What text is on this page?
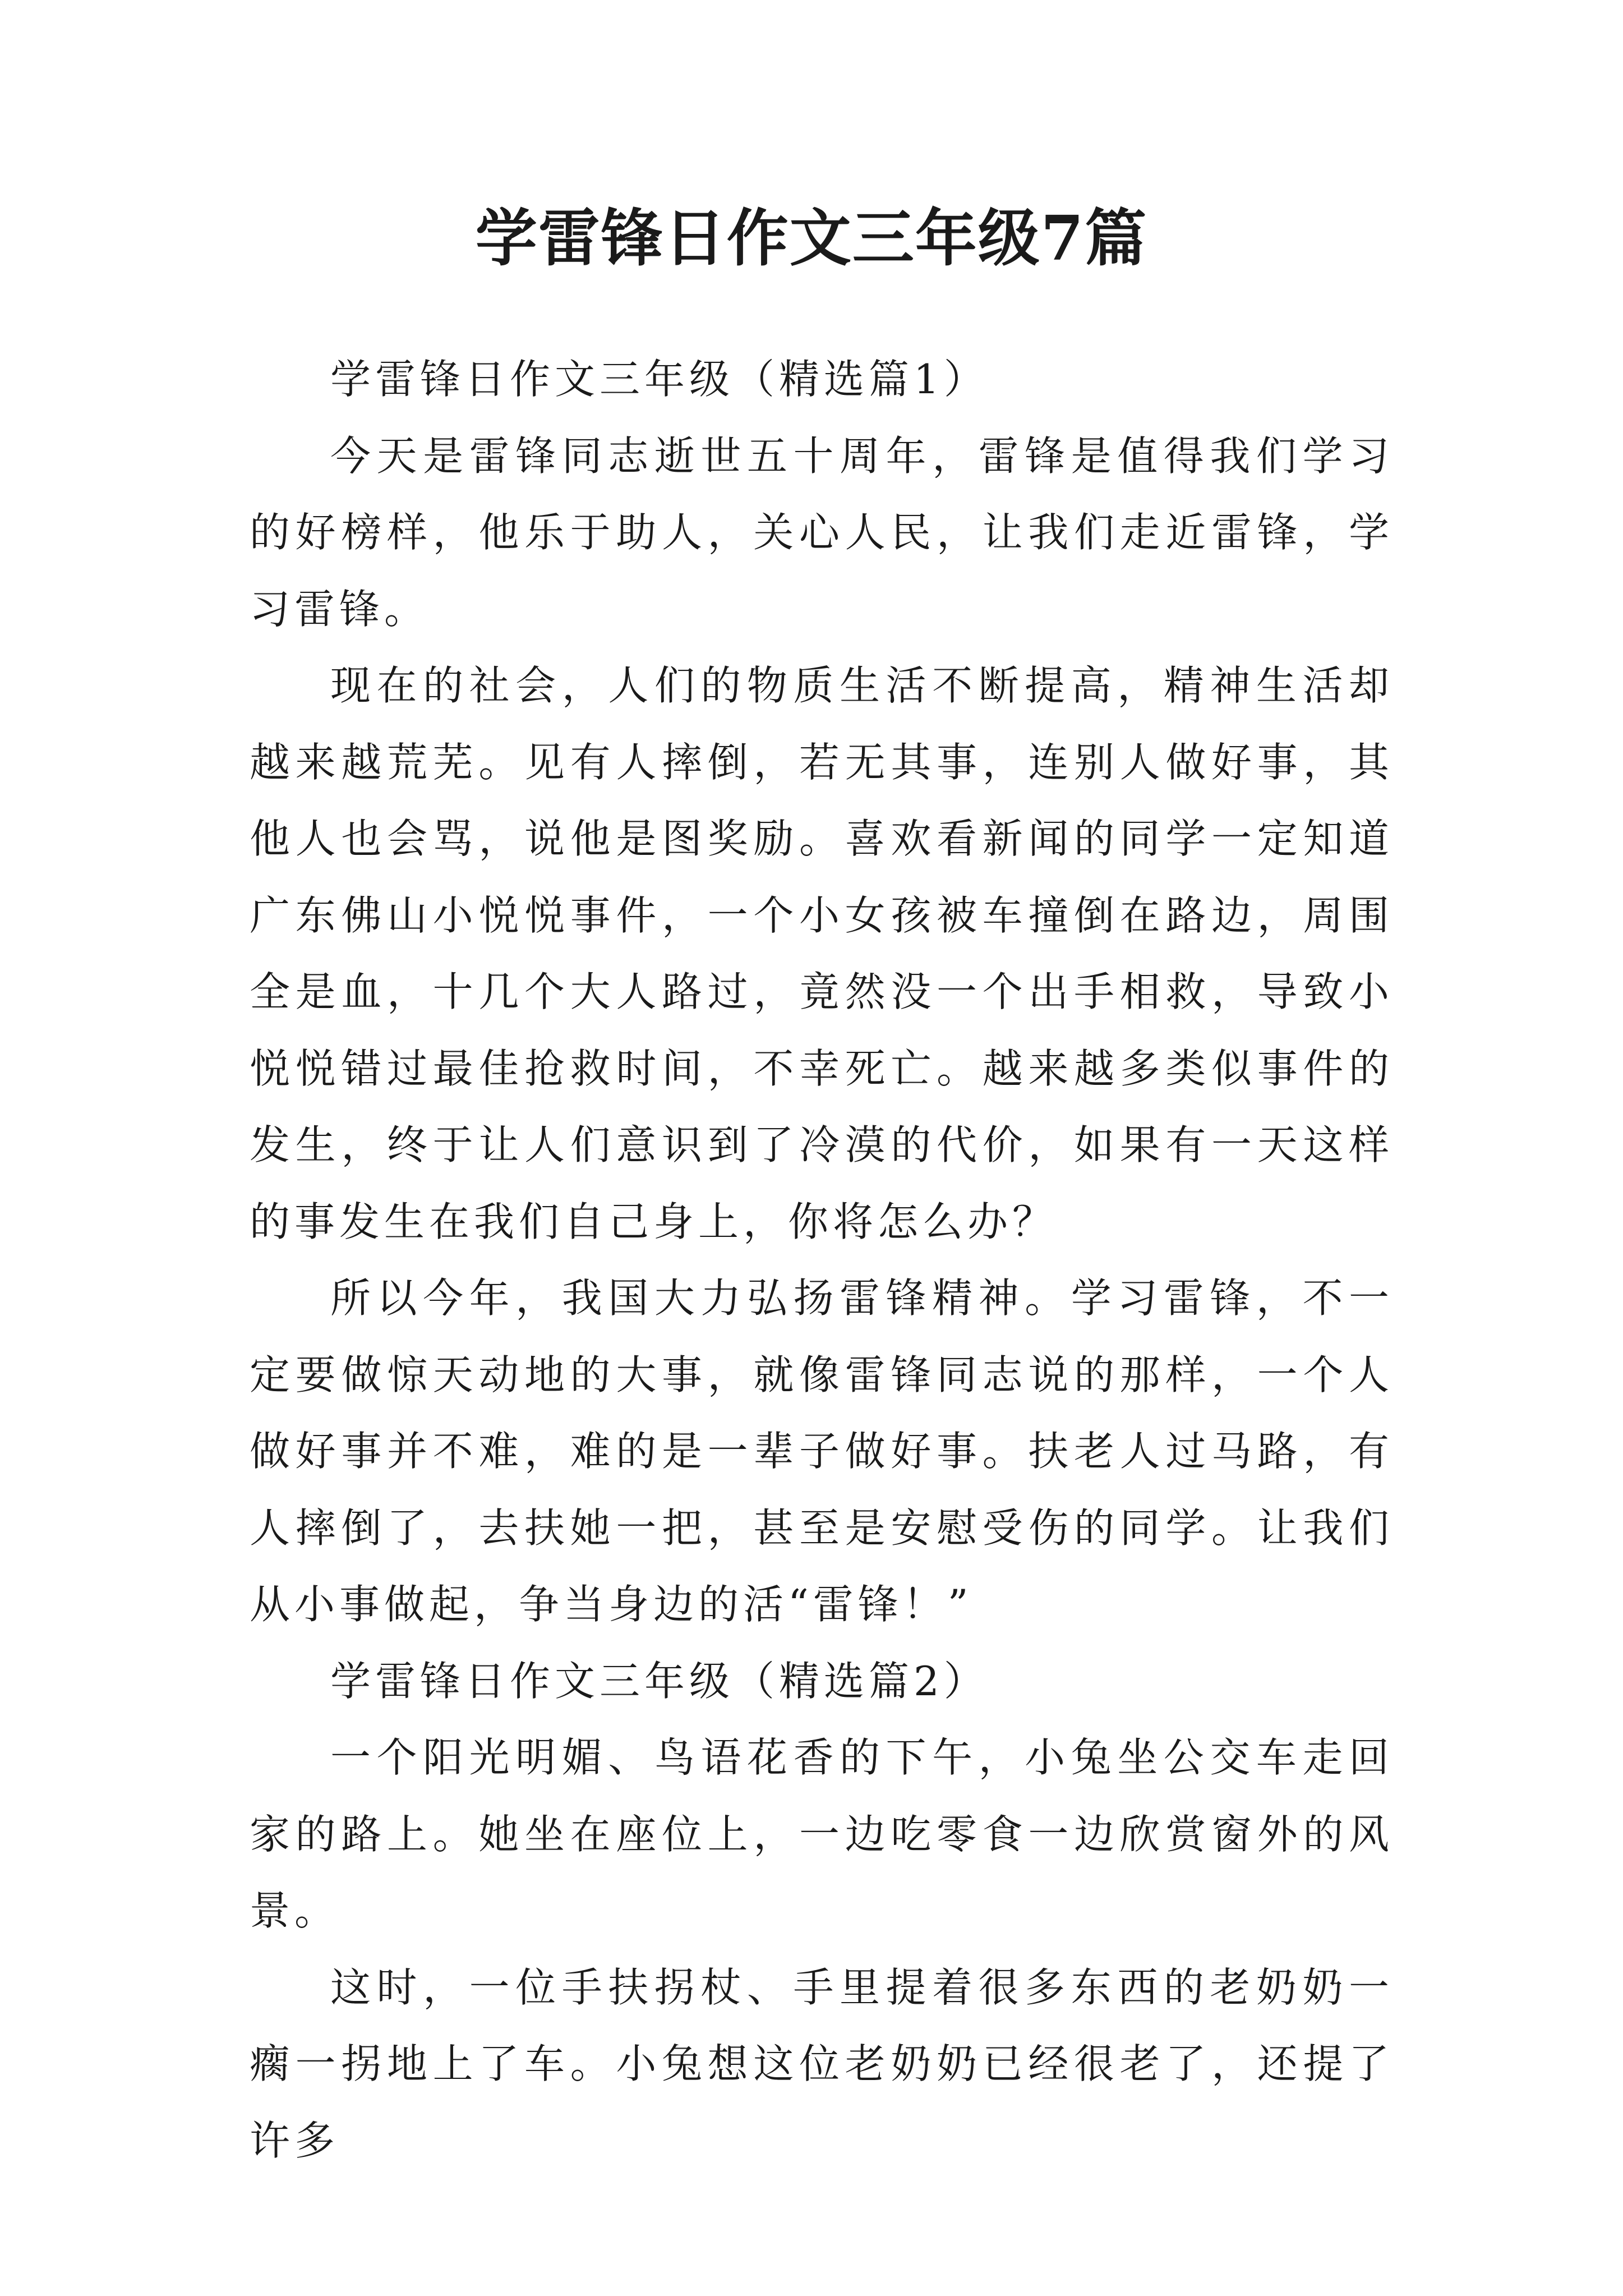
学雷锋日作文三年级7篇

学雷锋日作文三年级（精选篇1）

今天是雷锋同志逝世五十周年，雷锋是值得我们学习的好榜样，他乐于助人，关心人民，让我们走近雷锋，学习雷锋。

现在的社会，人们的物质生活不断提高，精神生活却越来越荒芜。见有人摔倒，若无其事，连别人做好事，其他人也会骂，说他是图奖励。喜欢看新闻的同学一定知道广东佛山小悦悦事件，一个小女孩被车撞倒在路边，周围全是血，十几个大人路过，竟然没一个出手相救，导致小悦悦错过最佳抢救时间，不幸死亡。越来越多类似事件的发生，终于让人们意识到了冷漠的代价，如果有一天这样的事发生在我们自己身上，你将怎么办？

所以今年，我国大力弘扬雷锋精神。学习雷锋，不一定要做惊天动地的大事，就像雷锋同志说的那样，一个人做好事并不难，难的是一辈子做好事。扶老人过马路，有人摔倒了，去扶她一把，甚至是安慰受伤的同学。让我们从小事做起，争当身边的活“雷锋！”

学雷锋日作文三年级（精选篇2）

一个阳光明媚、鸟语花香的下午，小兔坐公交车走回家的路上。她坐在座位上，一边吃零食一边欣赏窗外的风景。

这时，一位手扶拐杖、手里提着很多东西的老奶奶一瘸一拐地上了车。小兔想这位老奶奶已经很老了，还提了许多
